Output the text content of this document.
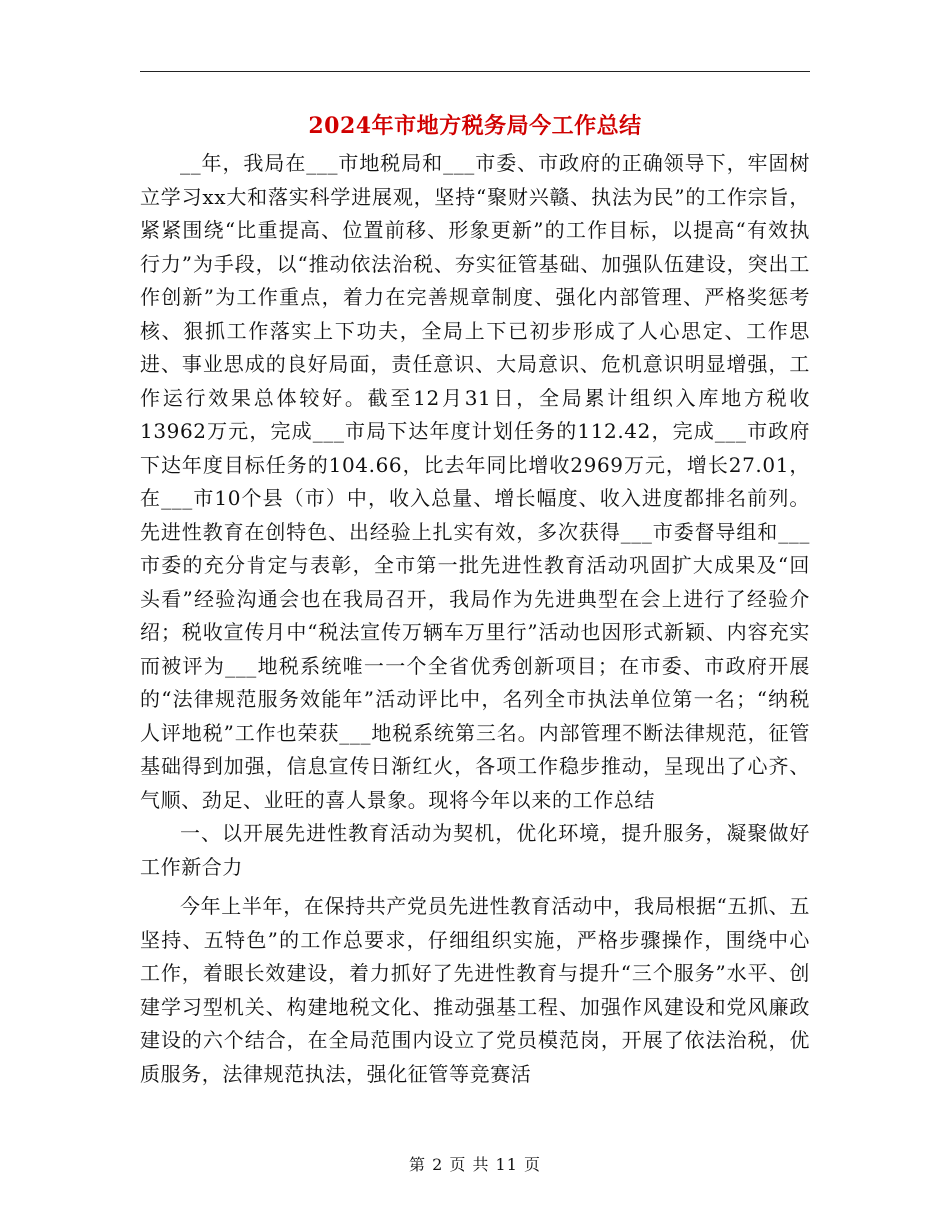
2024年市地方税务局今工作总结

__年，我局在___市地税局和___市委、市政府的正确领导下，牢固树立学习xx大和落实科学进展观，坚持“聚财兴赣、执法为民”的工作宗旨，紧紧围绕“比重提高、位置前移、形象更新”的工作目标，以提高“有效执行力”为手段，以“推动依法治税、夯实征管基础、加强队伍建设，突出工作创新”为工作重点，着力在完善规章制度、强化内部管理、严格奖惩考核、狠抓工作落实上下功夫，全局上下已初步形成了人心思定、工作思进、事业思成的良好局面，责任意识、大局意识、危机意识明显增强，工作运行效果总体较好。截至12月31日，全局累计组织入库地方税收13962万元，完成___市局下达年度计划任务的112.42，完成___市政府下达年度目标任务的104.66，比去年同比增收2969万元，增长27.01，在___市10个县（市）中，收入总量、增长幅度、收入进度都排名前列。先进性教育在创特色、出经验上扎实有效，多次获得___市委督导组和___市委的充分肯定与表彰，全市第一批先进性教育活动巩固扩大成果及“回头看”经验沟通会也在我局召开，我局作为先进典型在会上进行了经验介绍；税收宣传月中“税法宣传万辆车万里行”活动也因形式新颖、内容充实而被评为___地税系统唯一一个全省优秀创新项目；在市委、市政府开展的“法律规范服务效能年”活动评比中，名列全市执法单位第一名；“纳税人评地税”工作也荣获___地税系统第三名。内部管理不断法律规范，征管基础得到加强，信息宣传日渐红火，各项工作稳步推动，呈现出了心齐、气顺、劲足、业旺的喜人景象。现将今年以来的工作总结

一、以开展先进性教育活动为契机，优化环境，提升服务，凝聚做好工作新合力

今年上半年，在保持共产党员先进性教育活动中，我局根据“五抓、五坚持、五特色”的工作总要求，仔细组织实施，严格步骤操作，围绕中心工作，着眼长效建设，着力抓好了先进性教育与提升“三个服务”水平、创建学习型机关、构建地税文化、推动强基工程、加强作风建设和党风廉政建设的六个结合，在全局范围内设立了党员模范岗，开展了依法治税，优质服务，法律规范执法，强化征管等竞赛活

第 2 页 共 11 页
